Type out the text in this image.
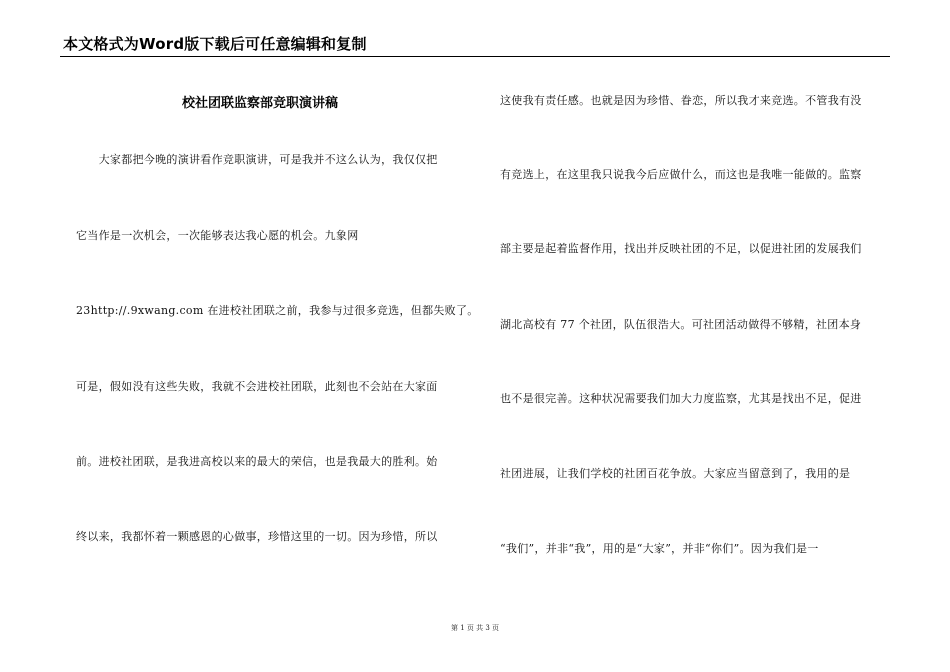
本文格式为Word版下载后可任意编辑和复制
校社团联监察部竞职演讲稿
　　大家都把今晚的演讲看作竞职演讲，可是我并不这么认为，我仅仅把
它当作是一次机会，一次能够表达我心愿的机会。九象网
23http://.9xwang.com 在进校社团联之前，我参与过很多竞选，但都失败了。
可是，假如没有这些失败，我就不会进校社团联，此刻也不会站在大家面
前。进校社团联，是我进高校以来的最大的荣信，也是我最大的胜利。始
终以来，我都怀着一颗感恩的心做事，珍惜这里的一切。因为珍惜，所以
这使我有责任感。也就是因为珍惜、眷恋，所以我才来竞选。不管我有没
有竞选上，在这里我只说我今后应做什么，而这也是我唯一能做的。监察
部主要是起着监督作用，找出并反映社团的不足，以促进社团的发展我们
湖北高校有 77 个社团，队伍很浩大。可社团活动做得不够精，社团本身
也不是很完善。这种状况需要我们加大力度监察，尤其是找出不足，促进
社团进展，让我们学校的社团百花争放。大家应当留意到了，我用的是
“我们”，并非“我”，用的是“大家”，并非“你们”。因为我们是一
第 1 页 共 3 页
